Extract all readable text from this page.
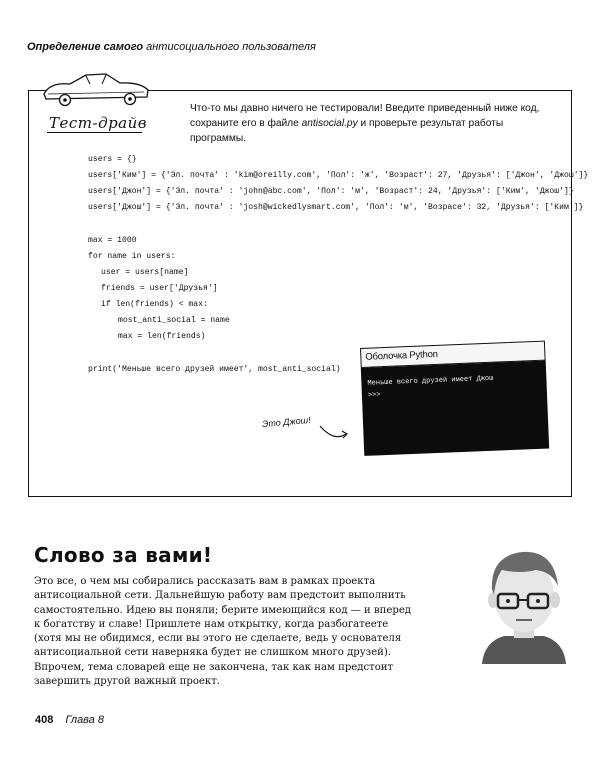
Определение самого антисоциального пользователя
Тест-драйв
Что-то мы давно ничего не тестировали! Введите приведенный ниже код,
сохраните его в файле antisocial.py и проверьте результат работы программы.
users = {}
users['Ким'] = {'Эл. почта' : 'kim@oreilly.com', 'Пол': 'ж', 'Возраст': 27, 'Друзья': ['Джон', 'Джош']}
users['Джон'] = {'Эл. почта' : 'john@abc.com', 'Пол': 'м', 'Возраст': 24, 'Друзья': ['Ким', 'Джош']}
users['Джош'] = {'Эл. почта' : 'josh@wickedlysmart.com', 'Пол': 'м', 'Возрасе': 32, 'Друзья': ['Ким']}
max = 1000
for name in users:
user = users[name]
friends = user['Друзья']
if len(friends) < max:
most_anti_social = name
max = len(friends)
print('Меньше всего друзей имеет', most_anti_social)
Оболочка Python
Меньше всего друзей имеет Джош
>>>
Это Джош!
Слово за вами!
Это все, о чем мы собирались рассказать вам в рамках проекта
антисоциальной сети. Дальнейшую работу вам предстоит выполнить
самостоятельно. Идею вы поняли; берите имеющийся код — и вперед
к богатству и славе! Пришлете нам открытку, когда разбогатеете
(хотя мы не обидимся, если вы этого не сделаете, ведь у основателя
антисоциальной сети наверняка будет не слишком много друзей).
Впрочем, тема словарей еще не закончена, так как нам предстоит
завершить другой важный проект.
408 Глава 8
